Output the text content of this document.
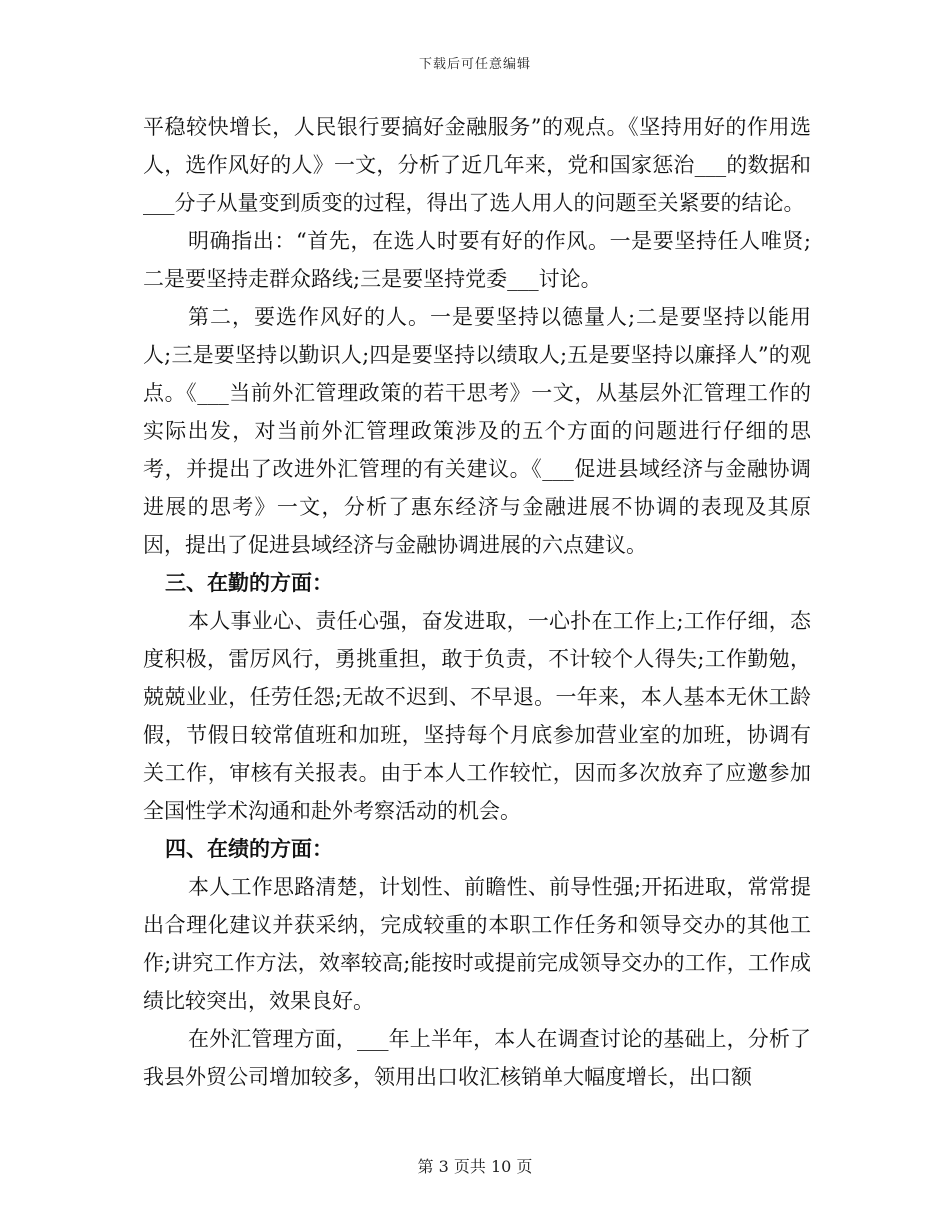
下载后可任意编辑

平稳较快增长，人民银行要搞好金融服务”的观点。《坚持用好的作用选人，选作风好的人》一文，分析了近几年来，党和国家惩治___的数据和___分子从量变到质变的过程，得出了选人用人的问题至关紧要的结论。

明确指出：“首先，在选人时要有好的作风。一是要坚持任人唯贤;二是要坚持走群众路线;三是要坚持党委___讨论。

第二，要选作风好的人。一是要坚持以德量人;二是要坚持以能用人;三是要坚持以勤识人;四是要坚持以绩取人;五是要坚持以廉择人”的观点。《___当前外汇管理政策的若干思考》一文，从基层外汇管理工作的实际出发，对当前外汇管理政策涉及的五个方面的问题进行仔细的思考，并提出了改进外汇管理的有关建议。《___促进县域经济与金融协调进展的思考》一文，分析了惠东经济与金融进展不协调的表现及其原因，提出了促进县域经济与金融协调进展的六点建议。

三、在勤的方面：

本人事业心、责任心强，奋发进取，一心扑在工作上;工作仔细，态度积极，雷厉风行，勇挑重担，敢于负责，不计较个人得失;工作勤勉，兢兢业业，任劳任怨;无故不迟到、不早退。一年来，本人基本无休工龄假，节假日较常值班和加班，坚持每个月底参加营业室的加班，协调有关工作，审核有关报表。由于本人工作较忙，因而多次放弃了应邀参加全国性学术沟通和赴外考察活动的机会。

四、在绩的方面：

本人工作思路清楚，计划性、前瞻性、前导性强;开拓进取，常常提出合理化建议并获采纳，完成较重的本职工作任务和领导交办的其他工作;讲究工作方法，效率较高;能按时或提前完成领导交办的工作，工作成绩比较突出，效果良好。

在外汇管理方面，___年上半年，本人在调查讨论的基础上，分析了我县外贸公司增加较多，领用出口收汇核销单大幅度增长，出口额

第 3 页共 10 页
